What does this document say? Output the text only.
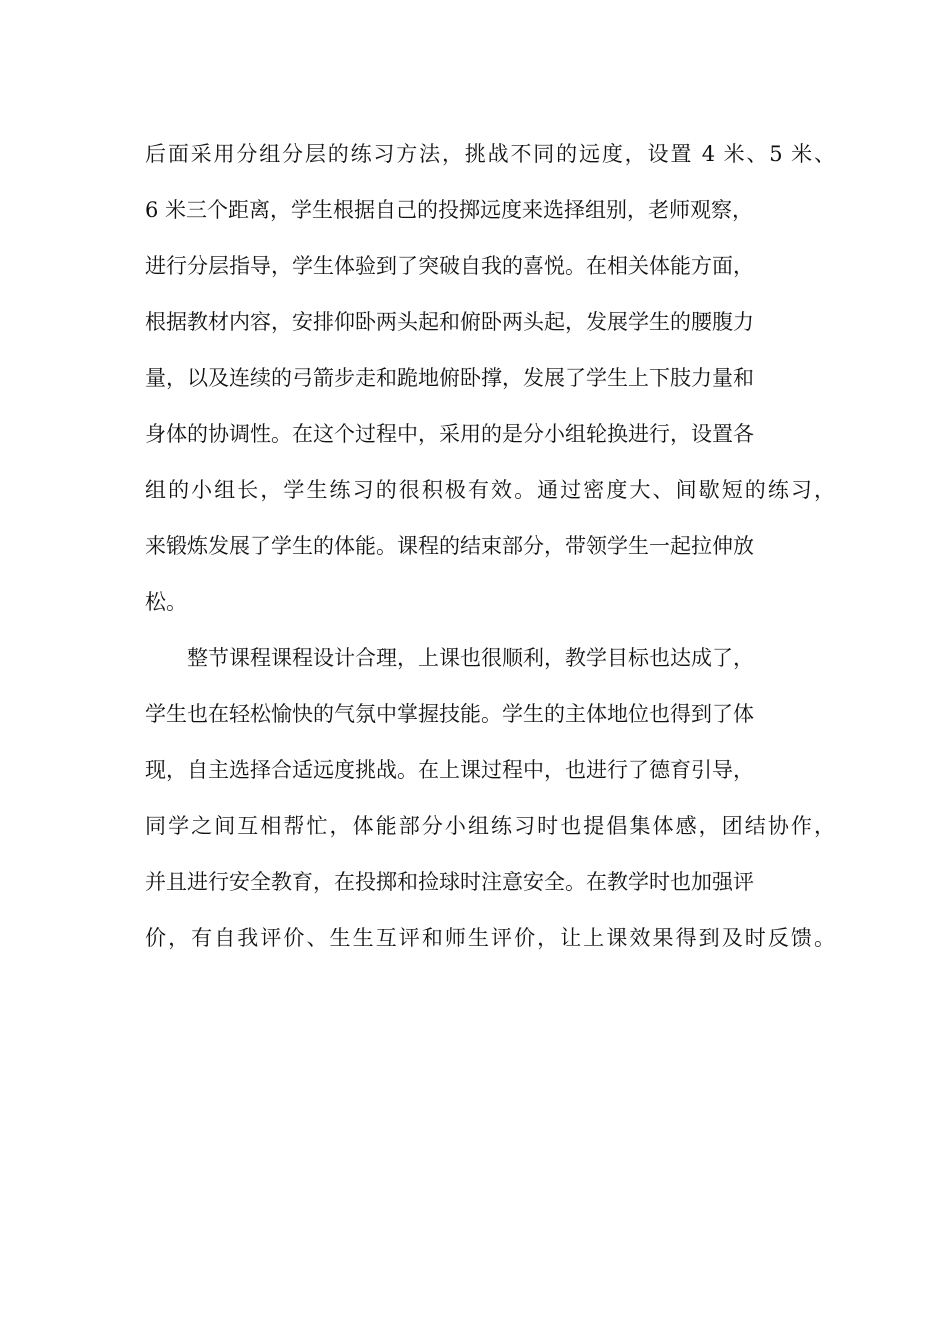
后面采用分组分层的练习方法，挑战不同的远度，设置 4 米、5 米、
6 米三个距离，学生根据自己的投掷远度来选择组别，老师观察，
进行分层指导，学生体验到了突破自我的喜悦。在相关体能方面，
根据教材内容，安排仰卧两头起和俯卧两头起，发展学生的腰腹力
量，以及连续的弓箭步走和跪地俯卧撑，发展了学生上下肢力量和
身体的协调性。在这个过程中，采用的是分小组轮换进行，设置各
组的小组长，学生练习的很积极有效。通过密度大、间歇短的练习，
来锻炼发展了学生的体能。课程的结束部分，带领学生一起拉伸放
松。
整节课程课程设计合理，上课也很顺利，教学目标也达成了，
学生也在轻松愉快的气氛中掌握技能。学生的主体地位也得到了体
现，自主选择合适远度挑战。在上课过程中，也进行了德育引导，
同学之间互相帮忙，体能部分小组练习时也提倡集体感，团结协作，
并且进行安全教育，在投掷和捡球时注意安全。在教学时也加强评
价，有自我评价、生生互评和师生评价，让上课效果得到及时反馈。
